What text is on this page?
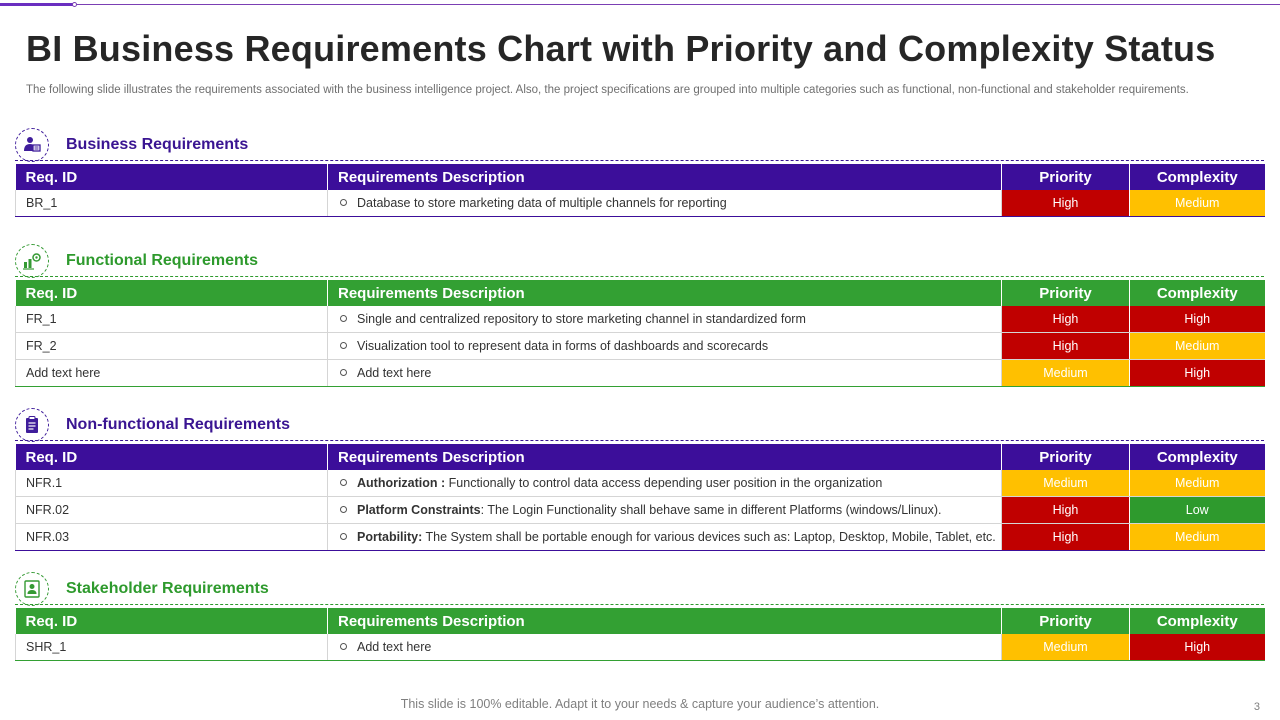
BI Business Requirements Chart with Priority and Complexity Status
The following slide illustrates the requirements associated with the business intelligence project. Also, the project specifications are grouped into multiple categories such as functional, non-functional and stakeholder requirements.
Business Requirements
Req. ID	Requirements Description	Priority	Complexity
BR_1	Database to store marketing data of multiple channels for reporting	High	Medium
Functional Requirements
Req. ID	Requirements Description	Priority	Complexity
FR_1	Single and centralized repository to store marketing channel in standardized form	High	High
FR_2	Visualization tool to represent data in forms of dashboards and scorecards	High	Medium
Add text here	Add text here	Medium	High
Non-functional Requirements
Req. ID	Requirements Description	Priority	Complexity
NFR.1	Authorization : Functionally to control data access depending user position in the organization	Medium	Medium
NFR.02	Platform Constraints: The Login Functionality shall behave same in different Platforms (windows/Llinux).	High	Low
NFR.03	Portability: The System shall be portable enough for various devices such as: Laptop, Desktop, Mobile, Tablet, etc.	High	Medium
Stakeholder Requirements
Req. ID	Requirements Description	Priority	Complexity
SHR_1	Add text here	Medium	High
This slide is 100% editable. Adapt it to your needs & capture your audience’s attention.	3
